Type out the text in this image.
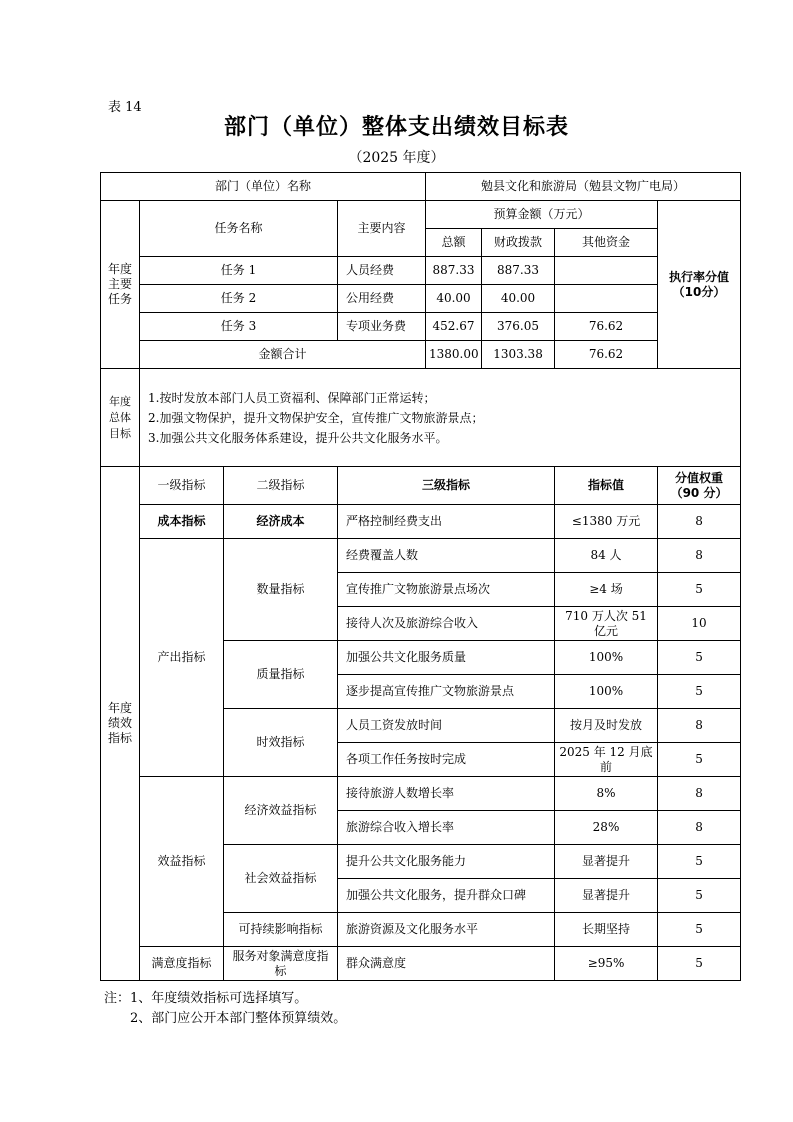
表 14
部门（单位）整体支出绩效目标表
（2025 年度）
部门（单位）名称				勉县文化和旅游局（勉县文物广电局）			
年度主要任务	任务名称		主要内容	预算金额（万元）			执行率分值（10分）
				总额	财政拨款	其他资金	
	任务 1		人员经费	887.33	887.33		
	任务 2		公用经费	40.00	40.00		
	任务 3		专项业务费	452.67	376.05	76.62	
	金额合计			1380.00	1303.38	76.62	
年度总体目标	1.按时发放本部门人员工资福利、保障部门正常运转；
2.加强文物保护，提升文物保护安全，宣传推广文物旅游景点；
3.加强公共文化服务体系建设，提升公共文化服务水平。						

年度绩效指标	一级指标	二级指标	三级指标			指标值	分值权重（90 分）
	成本指标	经济成本	严格控制经费支出			≤1380 万元	8
	产出指标	数量指标	经费覆盖人数			84 人	8
			宣传推广文物旅游景点场次			≥4 场	5
			接待人次及旅游综合收入			710 万人次 51 亿元	10
		质量指标	加强公共文化服务质量			100%	5
			逐步提高宣传推广文物旅游景点			100%	5
		时效指标	人员工资发放时间			按月及时发放	8
			各项工作任务按时完成			2025 年 12 月底前	5
	效益指标	经济效益指标	接待旅游人数增长率			8%	8
			旅游综合收入增长率			28%	8
		社会效益指标	提升公共文化服务能力			显著提升	5
			加强公共文化服务，提升群众口碑			显著提升	5
		可持续影响指标	旅游资源及文化服务水平			长期坚持	5
	满意度指标	服务对象满意度指标	群众满意度			≥95%	5
注：1、年度绩效指标可选择填写。
2、部门应公开本部门整体预算绩效。
